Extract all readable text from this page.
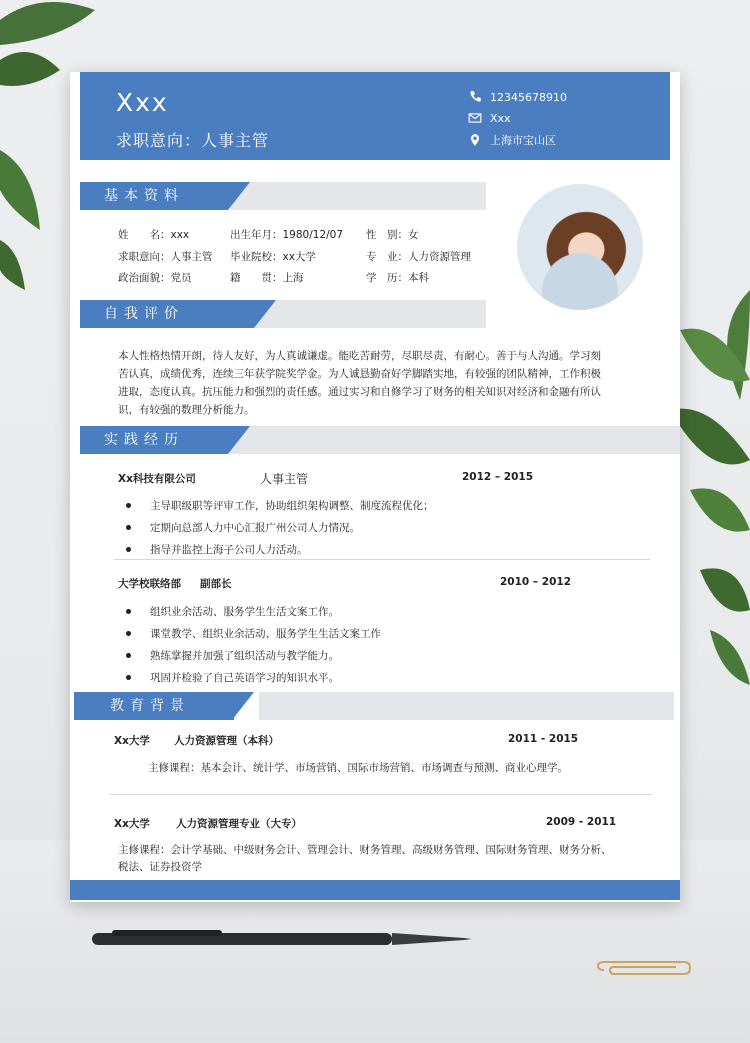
Xxx
求职意向：人事主管
12345678910
Xxx
上海市宝山区
基本资料
姓　　名：xxx	出生年月：1980/12/07 性　别：女
求职意向：人事主管 毕业院校：xx大学	专　业：人力资源管理
政治面貌：党员	籍　　贯：上海	学　历：本科
自我评价
本人性格热情开朗，待人友好，为人真诚谦虚。能吃苦耐劳，尽职尽责，有耐心。善于与人沟通。学习刻
苦认真，成绩优秀，连续三年获学院奖学金。为人诚恳勤奋好学脚踏实地，有较强的团队精神，工作积极
进取，态度认真。抗压能力和强烈的责任感。通过实习和自修学习了财务的相关知识对经济和金融有所认
识，有较强的数理分析能力。
实践经历
Xx科技有限公司	人事主管	2012 – 2015
主导职级职等评审工作，协助组织架构调整、制度流程优化；
定期向总部人力中心汇报广州公司人力情况。
指导并监控上海子公司人力活动。
大学校联络部 副部长	2010 – 2012
组织业余活动、服务学生生活文案工作。
课堂教学、组织业余活动、服务学生生活文案工作
熟练掌握并加强了组织活动与教学能力。
巩固并检验了自己英语学习的知识水平。
教育背景
Xx大学 人力资源管理（本科）	2011 - 2015
主修课程：基本会计、统计学、市场营销、国际市场营销、市场调查与预测、商业心理学。
Xx大学 人力资源管理专业（大专）	2009 - 2011
主修课程：会计学基础、中级财务会计、管理会计、财务管理、高级财务管理、国际财务管理、财务分析、
税法、证券投资学
